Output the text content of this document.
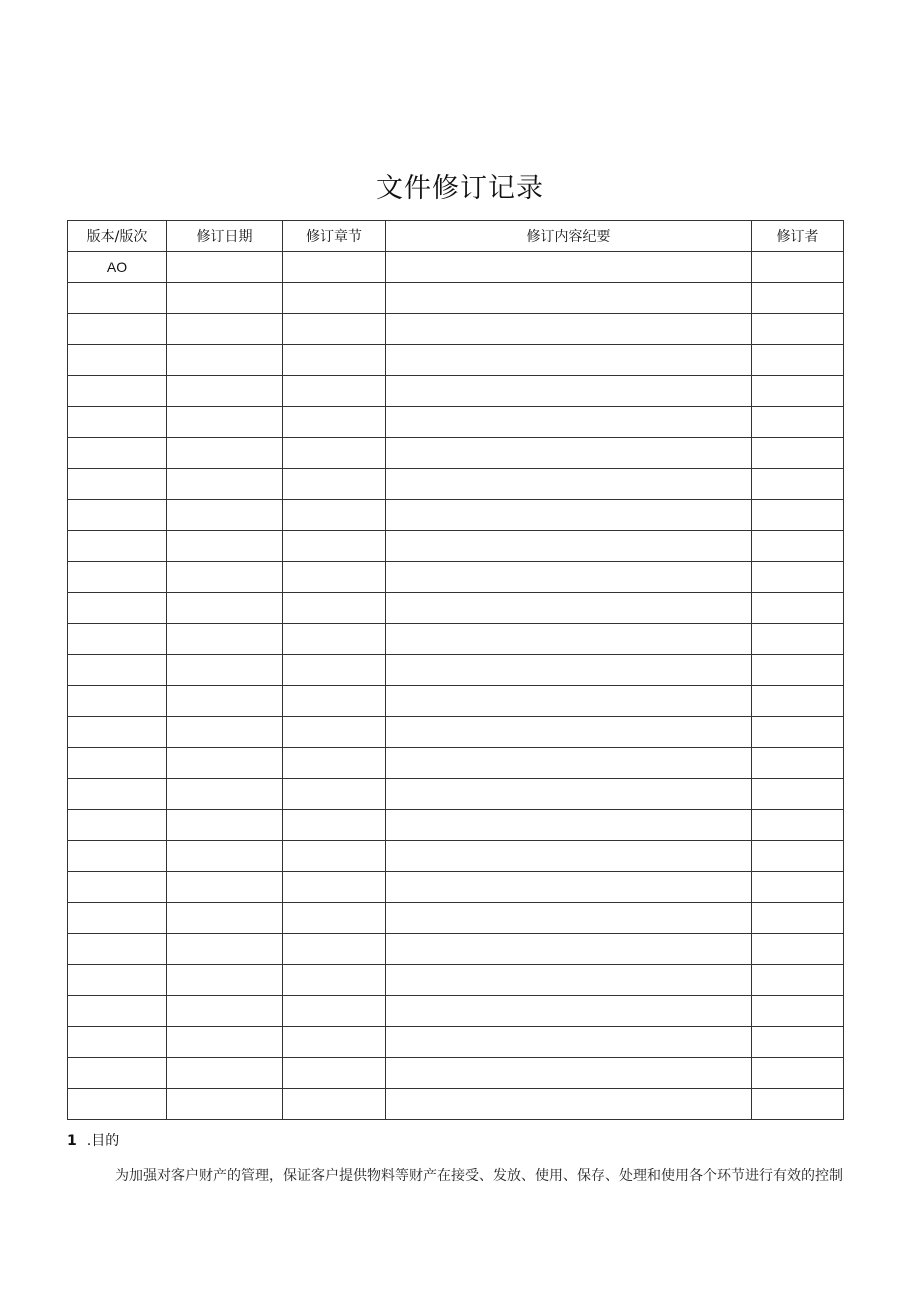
文件修订记录
版本/版次	修订日期	修订章节	修订内容纪要	修订者
AO				

1 .目的
为加强对客户财产的管理，保证客户提供物料等财产在接受、发放、使用、保存、处理和使用各个环节进行有效的控制
